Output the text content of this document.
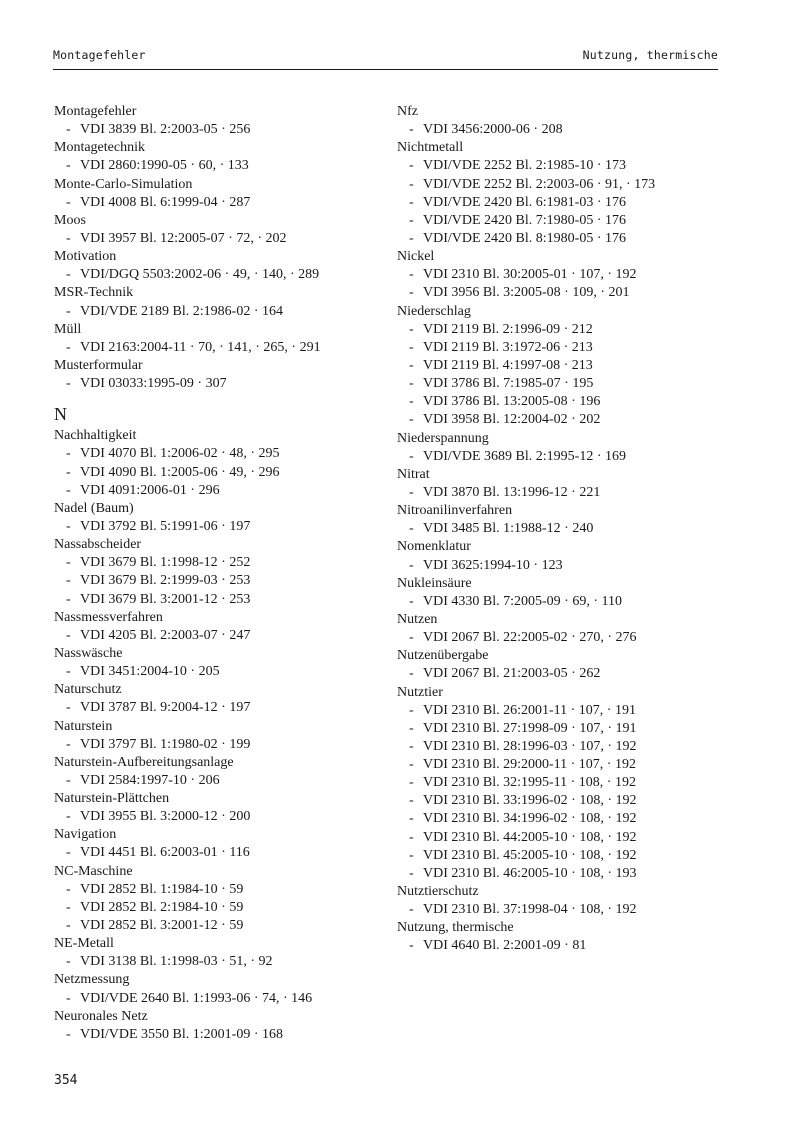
Montagefehler	Nutzung, thermische
Montagefehler
- VDI 3839 Bl. 2:2003-05 · 256
Montagetechnik
- VDI 2860:1990-05 · 60, · 133
Monte-Carlo-Simulation
- VDI 4008 Bl. 6:1999-04 · 287
Moos
- VDI 3957 Bl. 12:2005-07 · 72, · 202
Motivation
- VDI/DGQ 5503:2002-06 · 49, · 140, · 289
MSR-Technik
- VDI/VDE 2189 Bl. 2:1986-02 · 164
Müll
- VDI 2163:2004-11 · 70, · 141, · 265, · 291
Musterformular
- VDI 03033:1995-09 · 307
N
Nachhaltigkeit
- VDI 4070 Bl. 1:2006-02 · 48, · 295
- VDI 4090 Bl. 1:2005-06 · 49, · 296
- VDI 4091:2006-01 · 296
Nadel (Baum)
- VDI 3792 Bl. 5:1991-06 · 197
Nassabscheider
- VDI 3679 Bl. 1:1998-12 · 252
- VDI 3679 Bl. 2:1999-03 · 253
- VDI 3679 Bl. 3:2001-12 · 253
Nassmessverfahren
- VDI 4205 Bl. 2:2003-07 · 247
Nasswäsche
- VDI 3451:2004-10 · 205
Naturschutz
- VDI 3787 Bl. 9:2004-12 · 197
Naturstein
- VDI 3797 Bl. 1:1980-02 · 199
Naturstein-Aufbereitungsanlage
- VDI 2584:1997-10 · 206
Naturstein-Plättchen
- VDI 3955 Bl. 3:2000-12 · 200
Navigation
- VDI 4451 Bl. 6:2003-01 · 116
NC-Maschine
- VDI 2852 Bl. 1:1984-10 · 59
- VDI 2852 Bl. 2:1984-10 · 59
- VDI 2852 Bl. 3:2001-12 · 59
NE-Metall
- VDI 3138 Bl. 1:1998-03 · 51, · 92
Netzmessung
- VDI/VDE 2640 Bl. 1:1993-06 · 74, · 146
Neuronales Netz
- VDI/VDE 3550 Bl. 1:2001-09 · 168
Nfz
- VDI 3456:2000-06 · 208
Nichtmetall
- VDI/VDE 2252 Bl. 2:1985-10 · 173
- VDI/VDE 2252 Bl. 2:2003-06 · 91, · 173
- VDI/VDE 2420 Bl. 6:1981-03 · 176
- VDI/VDE 2420 Bl. 7:1980-05 · 176
- VDI/VDE 2420 Bl. 8:1980-05 · 176
Nickel
- VDI 2310 Bl. 30:2005-01 · 107, · 192
- VDI 3956 Bl. 3:2005-08 · 109, · 201
Niederschlag
- VDI 2119 Bl. 2:1996-09 · 212
- VDI 2119 Bl. 3:1972-06 · 213
- VDI 2119 Bl. 4:1997-08 · 213
- VDI 3786 Bl. 7:1985-07 · 195
- VDI 3786 Bl. 13:2005-08 · 196
- VDI 3958 Bl. 12:2004-02 · 202
Niederspannung
- VDI/VDE 3689 Bl. 2:1995-12 · 169
Nitrat
- VDI 3870 Bl. 13:1996-12 · 221
Nitroanilinverfahren
- VDI 3485 Bl. 1:1988-12 · 240
Nomenklatur
- VDI 3625:1994-10 · 123
Nukleinsäure
- VDI 4330 Bl. 7:2005-09 · 69, · 110
Nutzen
- VDI 2067 Bl. 22:2005-02 · 270, · 276
Nutzenübergabe
- VDI 2067 Bl. 21:2003-05 · 262
Nutztier
- VDI 2310 Bl. 26:2001-11 · 107, · 191
- VDI 2310 Bl. 27:1998-09 · 107, · 191
- VDI 2310 Bl. 28:1996-03 · 107, · 192
- VDI 2310 Bl. 29:2000-11 · 107, · 192
- VDI 2310 Bl. 32:1995-11 · 108, · 192
- VDI 2310 Bl. 33:1996-02 · 108, · 192
- VDI 2310 Bl. 34:1996-02 · 108, · 192
- VDI 2310 Bl. 44:2005-10 · 108, · 192
- VDI 2310 Bl. 45:2005-10 · 108, · 192
- VDI 2310 Bl. 46:2005-10 · 108, · 193
Nutztierschutz
- VDI 2310 Bl. 37:1998-04 · 108, · 192
Nutzung, thermische
- VDI 4640 Bl. 2:2001-09 · 81
354
